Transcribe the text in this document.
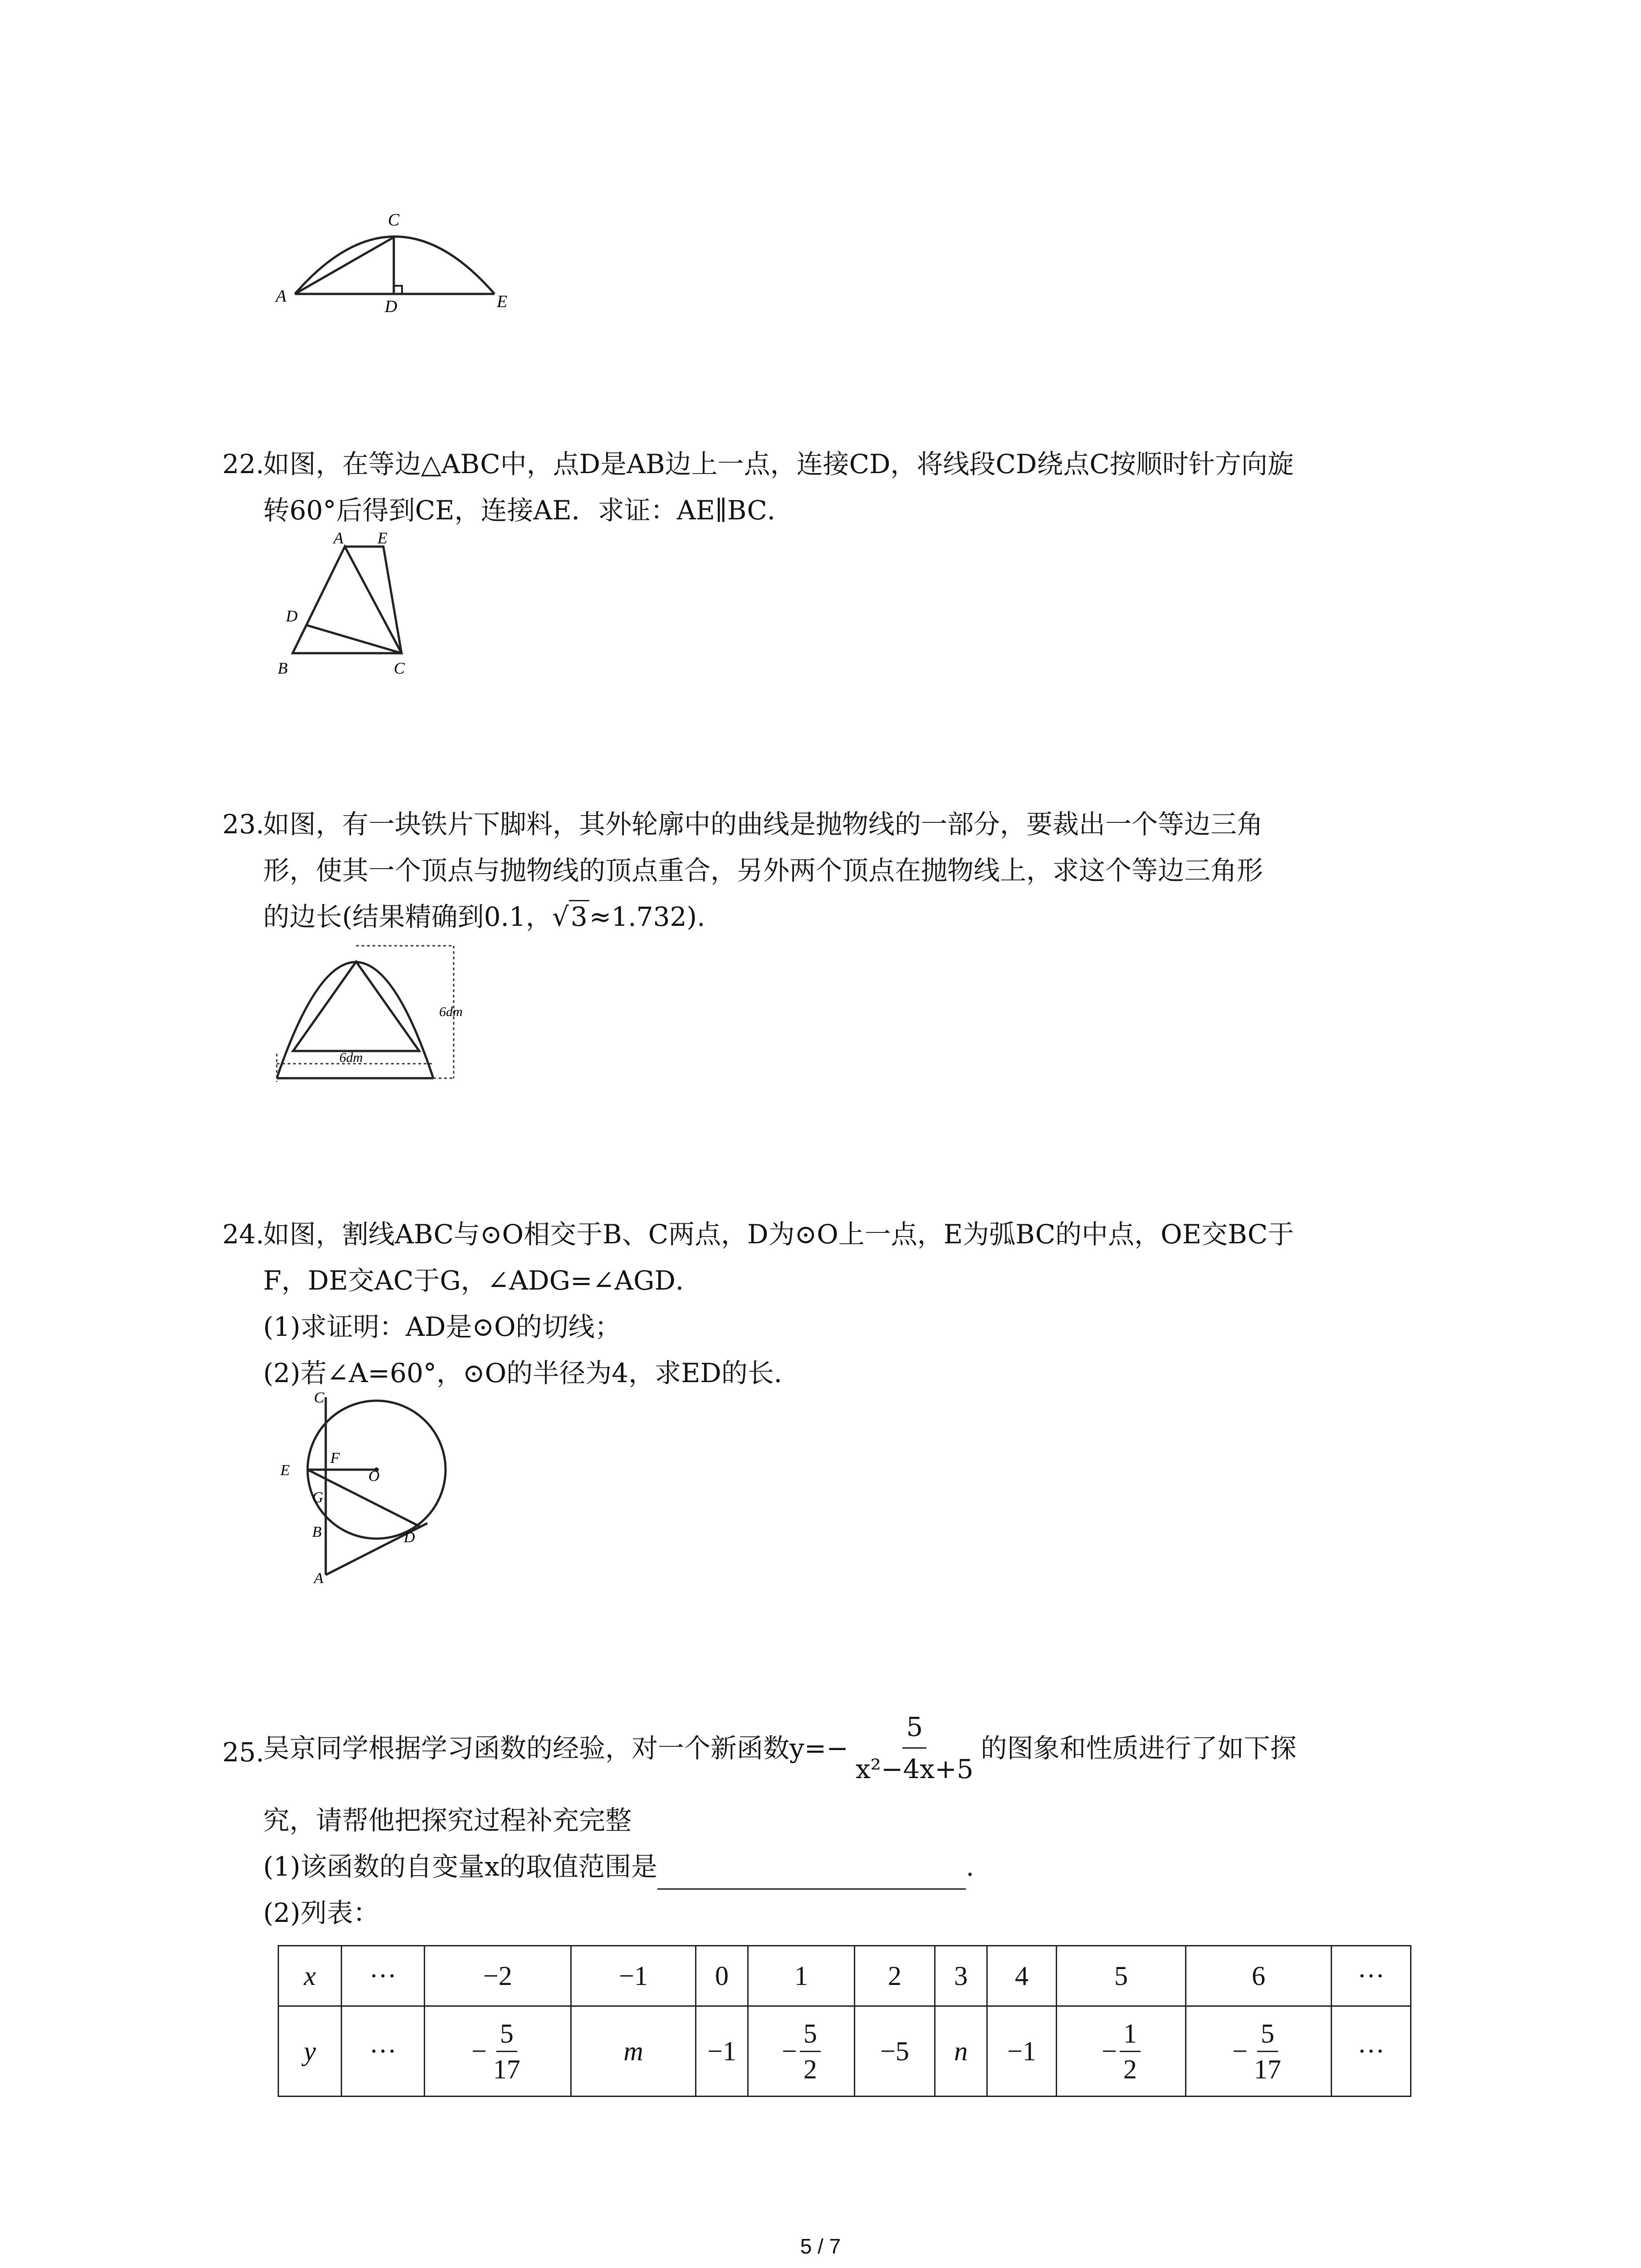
C
A
D	E
22.
如图，在等边△ABC中，点D是AB边上一点，连接CD，将线段CD绕点C按顺时针方向旋
转60°后得到CE，连接AE．求证：AE∥BC．
A E
D
B	C
23.
如图，有一块铁片下脚料，其外轮廓中的曲线是抛物线的一部分，要裁出一个等边三角
形，使其一个顶点与抛物线的顶点重合，另外两个顶点在抛物线上，求这个等边三角形
的边长(结果精确到0.1，√3≈1.732).
6dm
6dm
24.
如图，割线ABC与⊙O相交于B、C两点，D为⊙O上一点，E为弧BC的中点，OE交BC于
F，DE交AC于G，∠ADG=∠AGD．
(1)求证明：AD是⊙O的切线；
(2)若∠A=60°，⊙O的半径为4，求ED的长．
C
E
F
O
G
B	D
A
25.
吴京同学根据学习函数的经验，对一个新函数$y=- \frac{5}{\text{x²−4x+5}}$ 的图象和性质进行了如下探
究，请帮他把探究过程补充完整
(1)该函数的自变量x的取值范围是	.
(2)列表：
x	···	−2	−1	0	1	2	3	4	5	6	···
y	···	− $\frac{5}{17}$	m	−1	− $\frac{5}{2}$	−5	n	−1	− $\frac{1}{2}$	− $\frac{5}{17}$	···
5 / 7
